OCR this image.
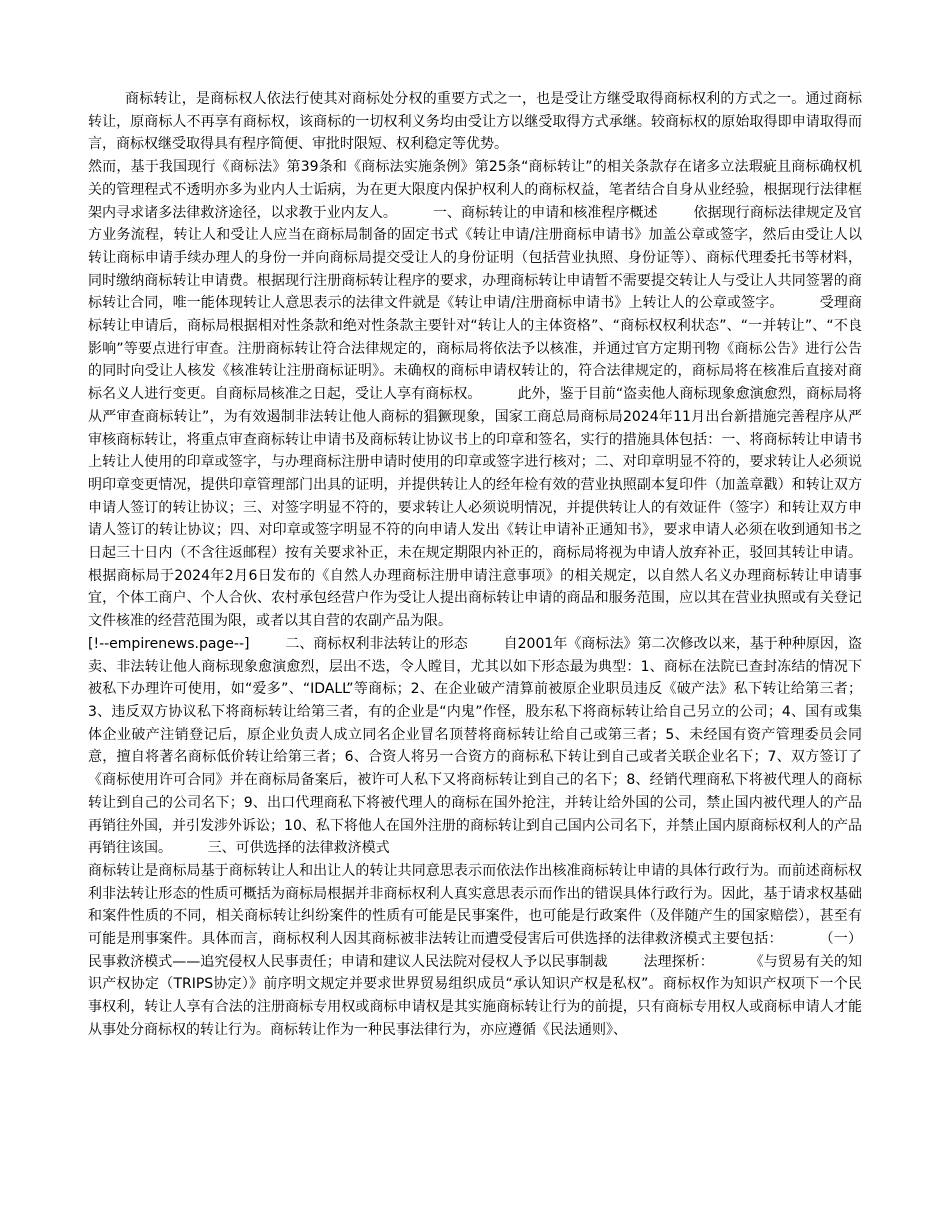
商标转让，是商标权人依法行使其对商标处分权的重要方式之一，也是受让方继受取得商标权利的方式之一。通过商标转让，原商标人不再享有商标权，该商标的一切权利义务均由受让方以继受取得方式承继。较商标权的原始取得即申请取得而言，商标权继受取得具有程序简便、审批时限短、权利稳定等优势。

然而，基于我国现行《商标法》第39条和《商标法实施条例》第25条“商标转让”的相关条款存在诸多立法瑕疵且商标确权机关的管理程式不透明亦多为业内人士诟病，为在更大限度内保护权利人的商标权益，笔者结合自身从业经验，根据现行法律框架内寻求诸多法律救济途径，以求教于业内友人。        一、商标转让的申请和核准程序概述        依据现行商标法律规定及官方业务流程，转让人和受让人应当在商标局制备的固定书式《转让申请/注册商标申请书》加盖公章或签字，然后由受让人以转让商标申请手续办理人的身份一并向商标局提交受让人的身份证明（包括营业执照、身份证等）、商标代理委托书等材料，同时缴纳商标转让申请费。根据现行注册商标转让程序的要求，办理商标转让申请暂不需要提交转让人与受让人共同签署的商标转让合同，唯一能体现转让人意思表示的法律文件就是《转让申请/注册商标申请书》上转让人的公章或签字。        受理商标转让申请后，商标局根据相对性条款和绝对性条款主要针对“转让人的主体资格”、“商标权权利状态”、“一并转让”、“不良影响”等要点进行审查。注册商标转让符合法律规定的，商标局将依法予以核准，并通过官方定期刊物《商标公告》进行公告的同时向受让人核发《核准转让注册商标证明》。未确权的商标申请权转让的，符合法律规定的，商标局将在核准后直接对商标名义人进行变更。自商标局核准之日起，受让人享有商标权。        此外，鉴于目前“盗卖他人商标现象愈演愈烈，商标局将从严审查商标转让”，为有效遏制非法转让他人商标的猖獗现象，国家工商总局商标局2024年11月出台新措施完善程序从严审核商标转让，将重点审查商标转让申请书及商标转让协议书上的印章和签名，实行的措施具体包括：一、将商标转让申请书上转让人使用的印章或签字，与办理商标注册申请时使用的印章或签字进行核对；二、对印章明显不符的，要求转让人必须说明印章变更情况，提供印章管理部门出具的证明，并提供转让人的经年检有效的营业执照副本复印件（加盖章戳）和转让双方申请人签订的转让协议；三、对签字明显不符的，要求转让人必须说明情况，并提供转让人的有效证件（签字）和转让双方申请人签订的转让协议；四、对印章或签字明显不符的向申请人发出《转让申请补正通知书》，要求申请人必须在收到通知书之日起三十日内（不含往返邮程）按有关要求补正，未在规定期限内补正的，商标局将视为申请人放弃补正，驳回其转让申请。        根据商标局于2024年2月6日发布的《自然人办理商标注册申请注意事项》的相关规定，以自然人名义办理商标转让申请事宜，个体工商户、个人合伙、农村承包经营户作为受让人提出商标转让申请的商品和服务范围，应以其在营业执照或有关登记文件核准的经营范围为限，或者以其自营的农副产品为限。

[!--empirenews.page--]        二、商标权利非法转让的形态        自2001年《商标法》第二次修改以来，基于种种原因，盗卖、非法转让他人商标现象愈演愈烈，层出不迭，令人瞠目，尤其以如下形态最为典型：1、商标在法院已查封冻结的情况下被私下办理许可使用，如“爱多”、“IDALL”等商标；2、在企业破产清算前被原企业职员违反《破产法》私下转让给第三者；3、违反双方协议私下将商标转让给第三者，有的企业是“内鬼”作怪，股东私下将商标转让给自己另立的公司；4、国有或集体企业破产注销登记后，原企业负责人成立同名企业冒名顶替将商标转让给自己或第三者；5、未经国有资产管理委员会同意，擅自将著名商标低价转让给第三者；6、合资人将另一合资方的商标私下转让到自己或者关联企业名下；7、双方签订了《商标使用许可合同》并在商标局备案后，被许可人私下又将商标转让到自己的名下；8、经销代理商私下将被代理人的商标转让到自己的公司名下；9、出口代理商私下将被代理人的商标在国外抢注，并转让给外国的公司，禁止国内被代理人的产品再销往外国，并引发涉外诉讼；10、私下将他人在国外注册的商标转让到自己国内公司名下，并禁止国内原商标权利人的产品再销往该国。        三、可供选择的法律救济模式

商标转让是商标局基于商标转让人和出让人的转让共同意思表示而依法作出核准商标转让申请的具体行政行为。而前述商标权利非法转让形态的性质可概括为商标局根据并非商标权利人真实意思表示而作出的错误具体行政行为。因此，基于请求权基础和案件性质的不同，相关商标转让纠纷案件的性质有可能是民事案件，也可能是行政案件（及伴随产生的国家赔偿），甚至有可能是刑事案件。具体而言，商标权利人因其商标被非法转让而遭受侵害后可供选择的法律救济模式主要包括：        （一）民事救济模式——追究侵权人民事责任；申请和建议人民法院对侵权人予以民事制裁        法理探析：        《与贸易有关的知识产权协定（TRIPS协定）》前序明文规定并要求世界贸易组织成员“承认知识产权是私权”。商标权作为知识产权项下一个民事权利，转让人享有合法的注册商标专用权或商标申请权是其实施商标转让行为的前提，只有商标专用权人或商标申请人才能从事处分商标权的转让行为。商标转让作为一种民事法律行为，亦应遵循《民法通则》、
